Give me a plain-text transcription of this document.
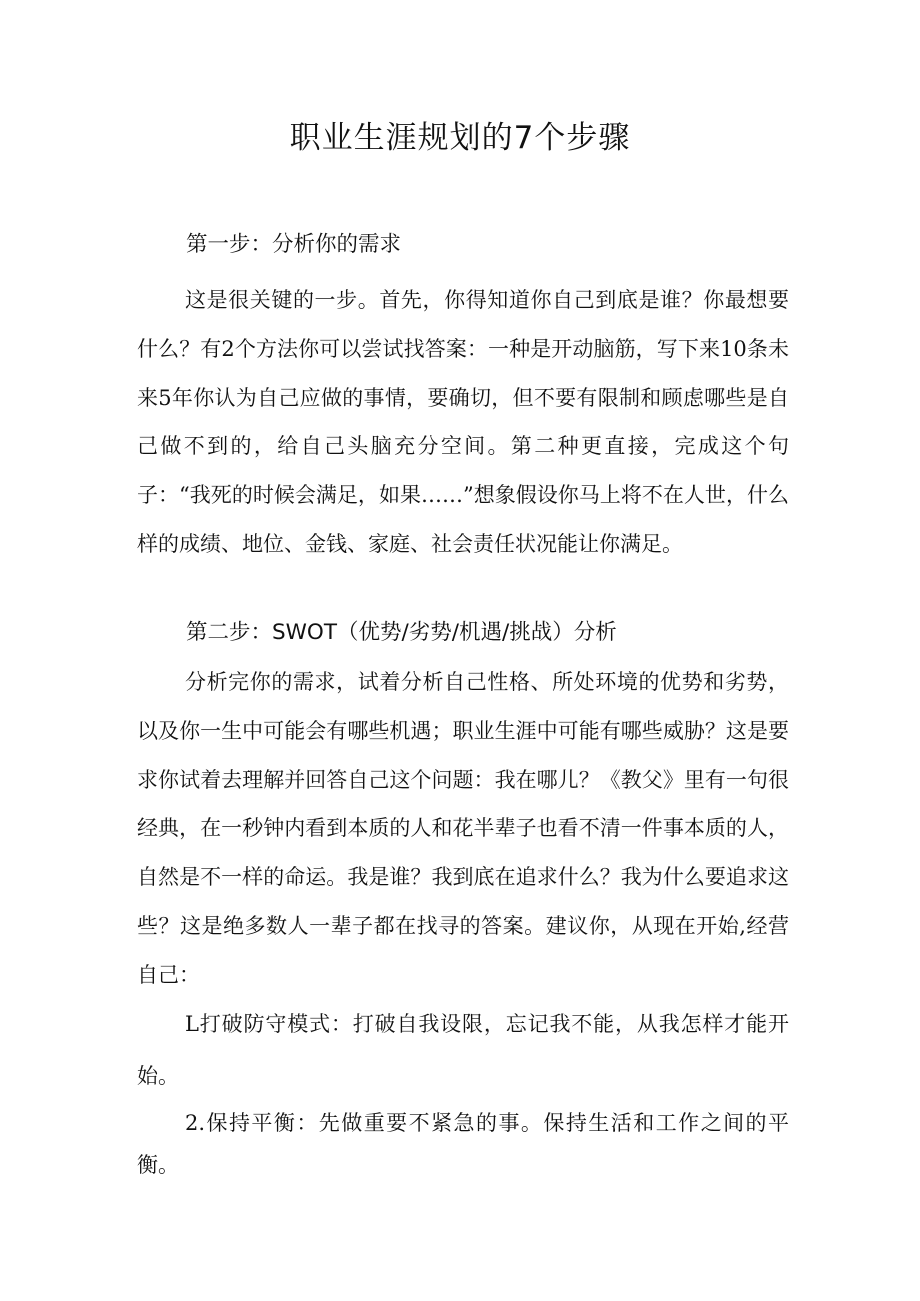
职业生涯规划的7个步骤
第一步：分析你的需求

这是很关键的一步。首先，你得知道你自己到底是谁？你最想要什么？有2个方法你可以尝试找答案：一种是开动脑筋，写下来10条未来5年你认为自己应做的事情，要确切，但不要有限制和顾虑哪些是自己做不到的，给自己头脑充分空间。第二种更直接，完成这个句子：“我死的时候会满足，如果……”想象假设你马上将不在人世，什么样的成绩、地位、金钱、家庭、社会责任状况能让你满足。

第二步：SWOT（优势/劣势/机遇/挑战）分析

分析完你的需求，试着分析自己性格、所处环境的优势和劣势，以及你一生中可能会有哪些机遇；职业生涯中可能有哪些威胁？这是要求你试着去理解并回答自己这个问题：我在哪儿？《教父》里有一句很经典，在一秒钟内看到本质的人和花半辈子也看不清一件事本质的人，自然是不一样的命运。我是谁？我到底在追求什么？我为什么要追求这些？这是绝多数人一辈子都在找寻的答案。建议你，从现在开始,经营自己：

L打破防守模式：打破自我设限，忘记我不能，从我怎样才能开始。

2.保持平衡：先做重要不紧急的事。保持生活和工作之间的平衡。
